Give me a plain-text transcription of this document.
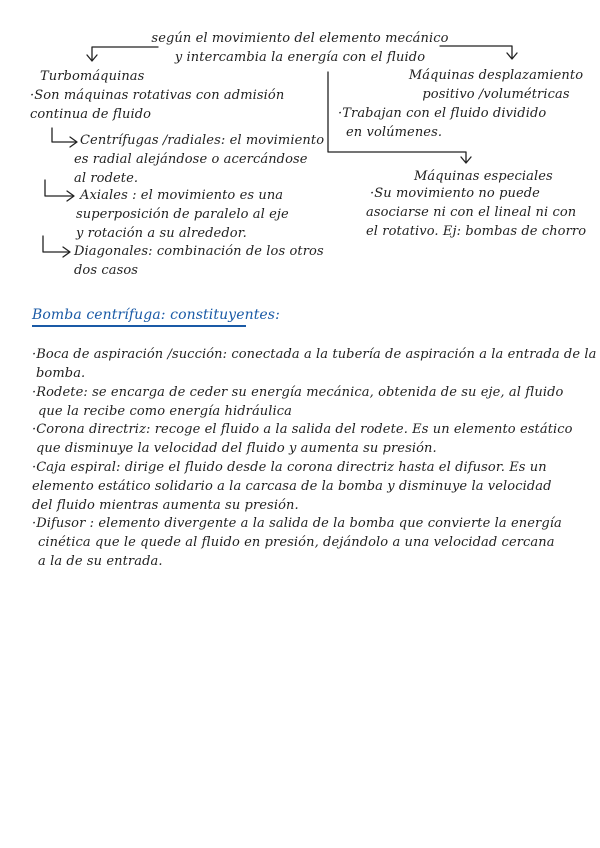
según el movimiento del elemento mecánico
y intercambia la energía con el fluido
Turbomáquinas
·Son máquinas rotativas con admisión
continua de fluido
Centrífugas /radiales: el movimiento
es radial alejándose o acercándose
al rodete.
Axiales : el movimiento es una
superposición de paralelo al eje
y rotación a su alrededor.
Diagonales: combinación de los otros
dos casos
Máquinas desplazamiento
positivo /volumétricas
·Trabajan con el fluido dividido
en volúmenes.
Máquinas especiales
·Su movimiento no puede
asociarse ni con el lineal ni con
el rotativo. Ej: bombas de chorro
Bomba centrífuga: constituyentes:
·Boca de aspiración /succión: conectada a la tubería de aspiración a la entrada de la
bomba.
·Rodete: se encarga de ceder su energía mecánica, obtenida de su eje, al fluido
que la recibe como energía hidráulica
·Corona directriz: recoge el fluido a la salida del rodete. Es un elemento estático
que disminuye la velocidad del fluido y aumenta su presión.
·Caja espiral: dirige el fluido desde la corona directriz hasta el difusor. Es un
elemento estático solidario a la carcasa de la bomba y disminuye la velocidad
del fluido mientras aumenta su presión.
·Difusor : elemento divergente a la salida de la bomba que convierte la energía
cinética que le quede al fluido en presión, dejándolo a una velocidad cercana
a la de su entrada.
